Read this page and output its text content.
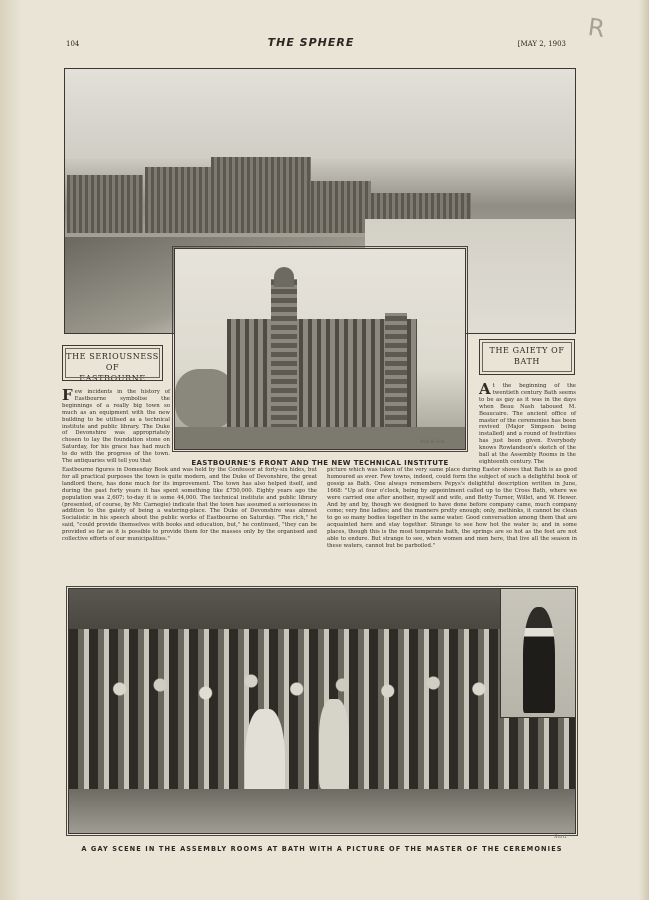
104	THE SPHERE	[MAY 2, 1903
R
Bull & Son
THE SERIOUSNESS OF
EASTBOURNE
THE GAIETY OF
BATH
F ew incidents in the history of Eastbourne symbolise the beginnings of a really big town so much as an equipment with the new building to be utilised as a technical institute and public library. The Duke of Devonshire was appropriately chosen to lay the foundation stone on Saturday, for his grace has had much to do with the progress of the town. The antiquaries will tell you that	EASTBOURNE'S FRONT AND THE NEW TECHNICAL INSTITUTE
Eastbourne figures in Domesday Book and was held by the Confessor at forty-six hides, but for all practical purposes the town is quite modern, and the Duke of Devonshire, the great landlord there, has done much for its improvement. The town has also helped itself, and during the past forty years it has spent something like £750,000. Eighty years ago the population was 2,607; to-day it is some 44,000. The technical institute and public library (presented, of course, by Mr. Carnegie) indicate that the town has assumed a seriousness in addition to the gaiety of being a watering-place. The Duke of Devonshire was almost Socialistic in his speech about the public works of Eastbourne on Saturday. "The rich," he said, "could provide themselves with books and education, but," he continued, "they can be provided so far as it is possible to provide them for the masses only by the organised and collective efforts of our municipalities."
A t the beginning of the twentieth century Bath seems to be as gay as it was in the days when Beau Nash taboued M. Beaucaire. The ancient office of master of the ceremonies has been revived (Major Simpson being installed) and a round of festivities has just been given. Everybody knows Rowlandson's sketch of the ball at the Assembly Rooms in the eighteenth century. The
picture which was taken of the very same place during Easter shows that Bath is as good humoured as ever. Few towns, indeed, could form the subject of such a delightful book of gossip as Bath. One always remembers Pepys's delightful description written in June, 1668: "Up at four o'clock, being by appointment called up to the Cross Bath, where we were carried one after another, myself and wife, and Betty Turner, Willet, and W. Hewer. And by and by, though we designed to have done before company came, much company come; very fine ladies; and the manners pretty enough; only, methinks, it cannot be clean to go so many bodies together in the same water. Good conversation among them that are acquainted here and stay together. Strange to see how hot the water is; and in some places, though this is the most temperate bath, the springs are so hot as the feet are not able to endure. But strange to see, when women and men here, that live all the season in these waters, cannot but be parboiled."
Stott
A GAY SCENE IN THE ASSEMBLY ROOMS AT BATH WITH A PICTURE OF THE MASTER OF THE CEREMONIES
